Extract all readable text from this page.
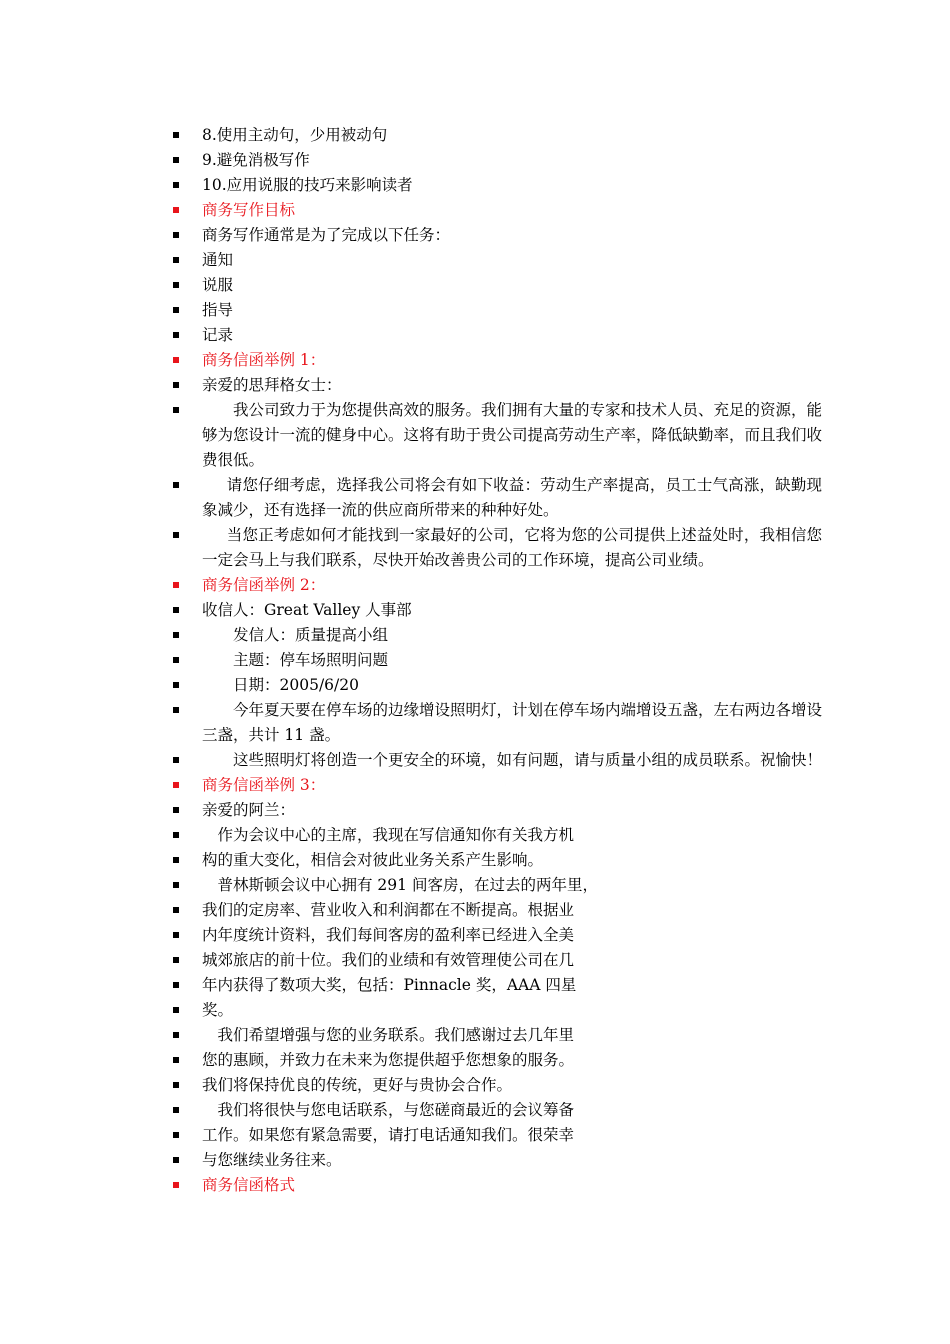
8.使用主动句，少用被动句
9.避免消极写作
10.应用说服的技巧来影响读者
商务写作目标
商务写作通常是为了完成以下任务：
通知
说服
指导
记录
商务信函举例 1：
亲爱的思拜格女士：
我公司致力于为您提供高效的服务。我们拥有大量的专家和技术人员、充足的资源，能够为您设计一流的健身中心。这将有助于贵公司提高劳动生产率，降低缺勤率，而且我们收费很低。
请您仔细考虑，选择我公司将会有如下收益：劳动生产率提高，员工士气高涨，缺勤现象减少，还有选择一流的供应商所带来的种种好处。
当您正考虑如何才能找到一家最好的公司，它将为您的公司提供上述益处时，我相信您一定会马上与我们联系，尽快开始改善贵公司的工作环境，提高公司业绩。
商务信函举例 2：
收信人：Great Valley 人事部
发信人：质量提高小组
主题：停车场照明问题
日期：2005/6/20
今年夏天要在停车场的边缘增设照明灯，计划在停车场内端增设五盏，左右两边各增设三盏，共计 11 盏。
这些照明灯将创造一个更安全的环境，如有问题，请与质量小组的成员联系。祝愉快！
商务信函举例 3：
亲爱的阿兰：
作为会议中心的主席，我现在写信通知你有关我方机
构的重大变化，相信会对彼此业务关系产生影响。
普林斯顿会议中心拥有 291 间客房，在过去的两年里，
我们的定房率、营业收入和利润都在不断提高。根据业
内年度统计资料，我们每间客房的盈利率已经进入全美
城郊旅店的前十位。我们的业绩和有效管理使公司在几
年内获得了数项大奖，包括：Pinnacle 奖，AAA 四星
奖。
我们希望增强与您的业务联系。我们感谢过去几年里
您的惠顾，并致力在未来为您提供超乎您想象的服务。
我们将保持优良的传统，更好与贵协会合作。
我们将很快与您电话联系，与您磋商最近的会议筹备
工作。如果您有紧急需要，请打电话通知我们。很荣幸
与您继续业务往来。
商务信函格式
